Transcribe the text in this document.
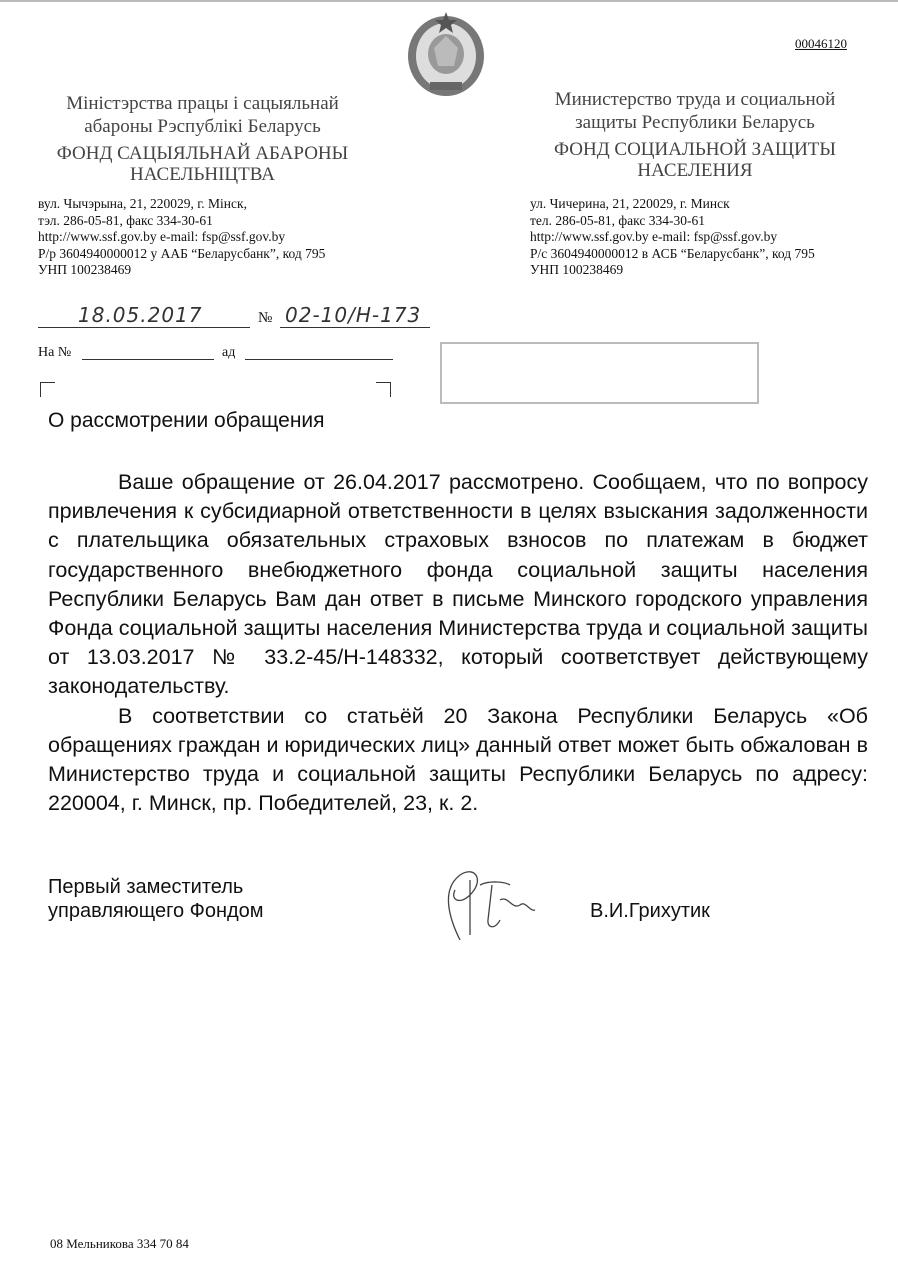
00046120
Міністэрства працы і сацыяльнай
абароны Рэспублікі Беларусь
ФОНД САЦЫЯЛЬНАЙ АБАРОНЫ
НАСЕЛЬНІЦТВА
вул. Чычэрына, 21, 220029, г. Мінск,
тэл. 286-05-81, факс 334-30-61
http://www.ssf.gov.by e-mail: fsp@ssf.gov.by
Р/р 3604940000012 у ААБ “Беларусбанк”, код 795
УНП 100238469
Министерство труда и социальной
защиты Республики Беларусь
ФОНД СОЦИАЛЬНОЙ ЗАЩИТЫ
НАСЕЛЕНИЯ
ул. Чичерина, 21, 220029, г. Минск
тел. 286-05-81, факс 334-30-61
http://www.ssf.gov.by e-mail: fsp@ssf.gov.by
Р/с 3604940000012 в АСБ “Беларусбанк”, код 795
УНП 100238469
18.05.2017	№ 02-10/Н-173
На №	ад
О рассмотрении обращения

Ваше обращение от 26.04.2017 рассмотрено. Сообщаем, что по вопросу привлечения к субсидиарной ответственности в целях взыскания задолженности с плательщика обязательных страховых взносов по платежам в бюджет государственного внебюджетного фонда социальной защиты населения Республики Беларусь Вам дан ответ в письме Минского городского управления Фонда социальной защиты населения Министерства труда и социальной защиты от 13.03.2017 № 33.2-45/Н-148332, который соответствует действующему законодательству.

В соответствии со статьёй 20 Закона Республики Беларусь «Об обращениях граждан и юридических лиц» данный ответ может быть обжалован в Министерство труда и социальной защиты Республики Беларусь по адресу: 220004, г. Минск, пр. Победителей, 23, к. 2.

Первый заместитель
управляющего Фондом	В.И.Грихутик
08 Мельникова 334 70 84
